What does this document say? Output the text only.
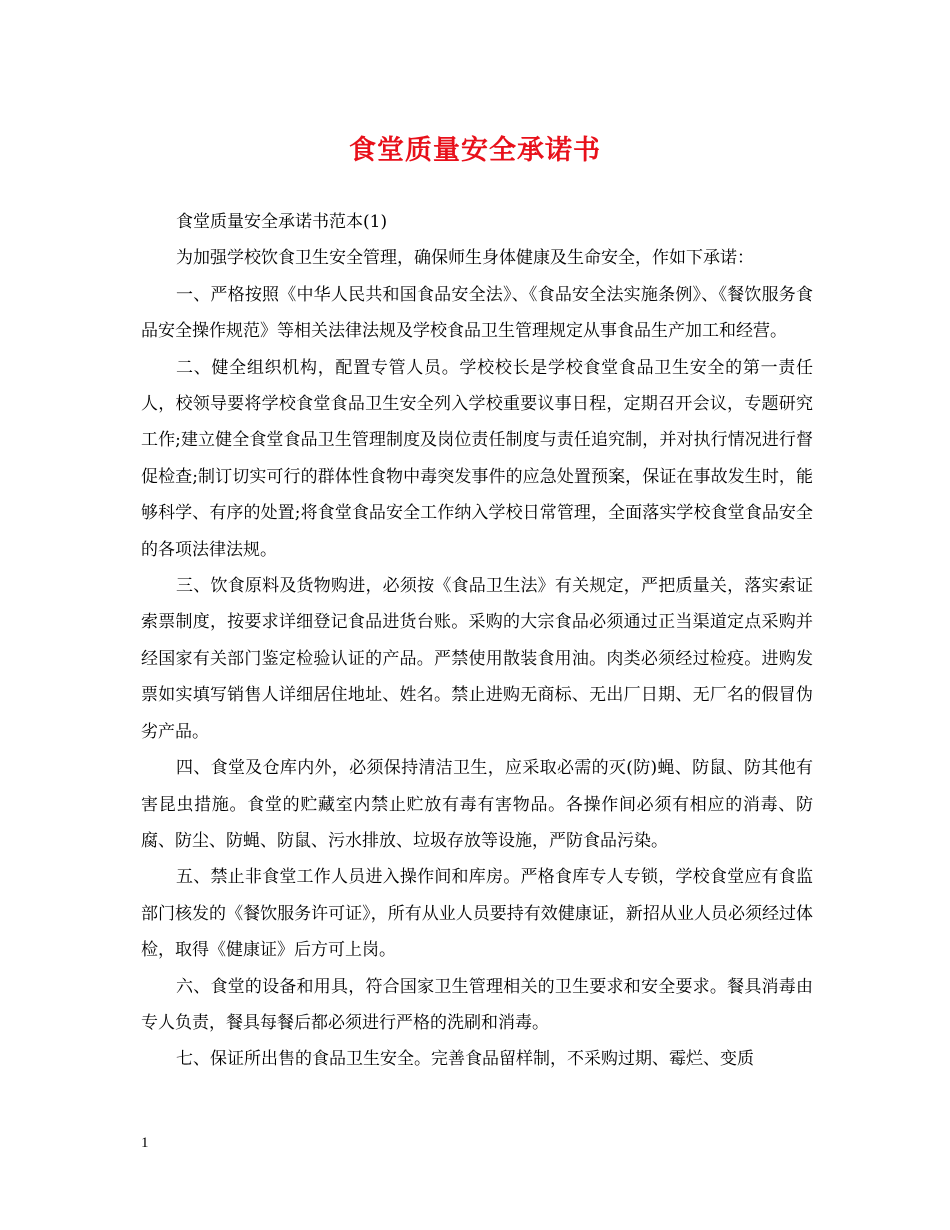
食堂质量安全承诺书

食堂质量安全承诺书范本(1)

为加强学校饮食卫生安全管理，确保师生身体健康及生命安全，作如下承诺：

一、严格按照《中华人民共和国食品安全法》、《食品安全法实施条例》、《餐饮服务食品安全操作规范》等相关法律法规及学校食品卫生管理规定从事食品生产加工和经营。

二、健全组织机构，配置专管人员。学校校长是学校食堂食品卫生安全的第一责任人，校领导要将学校食堂食品卫生安全列入学校重要议事日程，定期召开会议，专题研究工作;建立健全食堂食品卫生管理制度及岗位责任制度与责任追究制，并对执行情况进行督促检查;制订切实可行的群体性食物中毒突发事件的应急处置预案，保证在事故发生时，能够科学、有序的处置;将食堂食品安全工作纳入学校日常管理，全面落实学校食堂食品安全的各项法律法规。

三、饮食原料及货物购进，必须按《食品卫生法》有关规定，严把质量关，落实索证索票制度，按要求详细登记食品进货台账。采购的大宗食品必须通过正当渠道定点采购并经国家有关部门鉴定检验认证的产品。严禁使用散装食用油。肉类必须经过检疫。进购发票如实填写销售人详细居住地址、姓名。禁止进购无商标、无出厂日期、无厂名的假冒伪劣产品。

四、食堂及仓库内外，必须保持清洁卫生，应采取必需的灭(防)蝇、防鼠、防其他有害昆虫措施。食堂的贮藏室内禁止贮放有毒有害物品。各操作间必须有相应的消毒、防腐、防尘、防蝇、防鼠、污水排放、垃圾存放等设施，严防食品污染。

五、禁止非食堂工作人员进入操作间和库房。严格食库专人专锁，学校食堂应有食监部门核发的《餐饮服务许可证》，所有从业人员要持有效健康证，新招从业人员必须经过体检，取得《健康证》后方可上岗。

六、食堂的设备和用具，符合国家卫生管理相关的卫生要求和安全要求。餐具消毒由专人负责，餐具每餐后都必须进行严格的洗刷和消毒。

七、保证所出售的食品卫生安全。完善食品留样制，不采购过期、霉烂、变质

1
